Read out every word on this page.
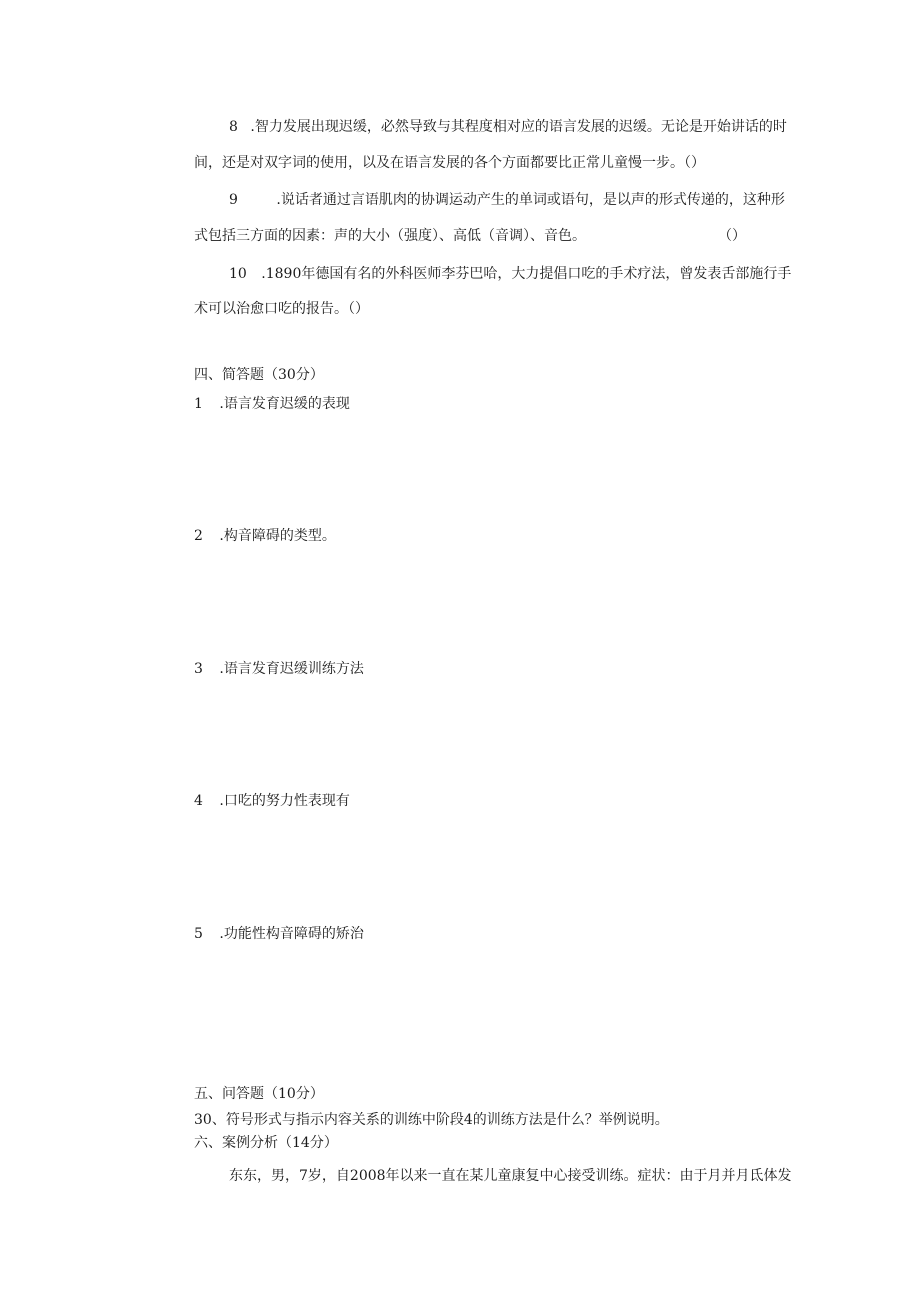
8 .智力发展出现迟缓，必然导致与其程度相对应的语言发展的迟缓。无论是开始讲话的时
间，还是对双字词的使用，以及在语言发展的各个方面都要比正常儿童慢一步。（）
9	.说话者通过言语肌肉的协调运动产生的单词或语句，是以声的形式传递的，这种形
式包括三方面的因素：声的大小（强度）、高低（音调）、音色。	（）
10 .1890年德国有名的外科医师李芬巴哈，大力提倡口吃的手术疗法，曾发表舌部施行手
术可以治愈口吃的报告。（）
四、简答题（30分）
1 .语言发育迟缓的表现
2 .构音障碍的类型。
3 .语言发育迟缓训练方法
4 .口吃的努力性表现有
5 .功能性构音障碍的矫治
五、问答题（10分）
30、符号形式与指示内容关系的训练中阶段4的训练方法是什么？举例说明。
六、案例分析（14分）
东东，男，7岁，自2008年以来一直在某儿童康复中心接受训练。症状：由于月并月氐体发
